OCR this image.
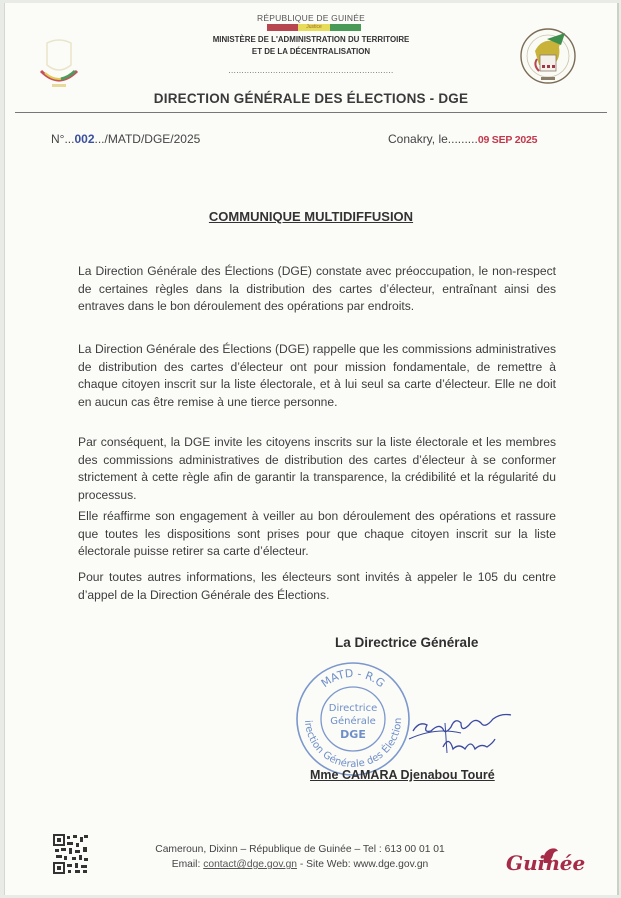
RÉPUBLIQUE DE GUINÉE
Justice
MINISTÈRE DE L'ADMINISTRATION DU TERRITOIRE
ET DE LA DÉCENTRALISATION
...............................................................
DIRECTION GÉNÉRALE DES ÉLECTIONS - DGE
N°...002.../MATD/DGE/2025	Conakry, le.........09 SEP 2025
COMMUNIQUE MULTIDIFFUSION
La Direction Générale des Élections (DGE) constate avec préoccupation, le non-respect de certaines règles dans la distribution des cartes d’électeur, entraînant ainsi des entraves dans le bon déroulement des opérations par endroits.
La Direction Générale des Élections (DGE) rappelle que les commissions administratives de distribution des cartes d’électeur ont pour mission fondamentale, de remettre à chaque citoyen inscrit sur la liste électorale, et à lui seul sa carte d’électeur. Elle ne doit en aucun cas être remise à une tierce personne.
Par conséquent, la DGE invite les citoyens inscrits sur la liste électorale et les membres des commissions administratives de distribution des cartes d’électeur à se conformer strictement à cette règle afin de garantir la transparence, la crédibilité et la régularité du processus.
Elle réaffirme son engagement à veiller au bon déroulement des opérations et rassure que toutes les dispositions sont prises pour que chaque citoyen inscrit sur la liste électorale puisse retirer sa carte d’électeur.
Pour toutes autres informations, les électeurs sont invités à appeler le 105 du centre d’appel de la Direction Générale des Élections.
La Directrice Générale
MATD - R.G
irection Générale des Élection
Directrice
Générale
DGE
Mme CAMARA Djenabou Touré
Cameroun, Dixinn – République de Guinée – Tel : 613 00 01 01
Email: contact@dge.gov.gn - Site Web: www.dge.gov.gn	Guinée
